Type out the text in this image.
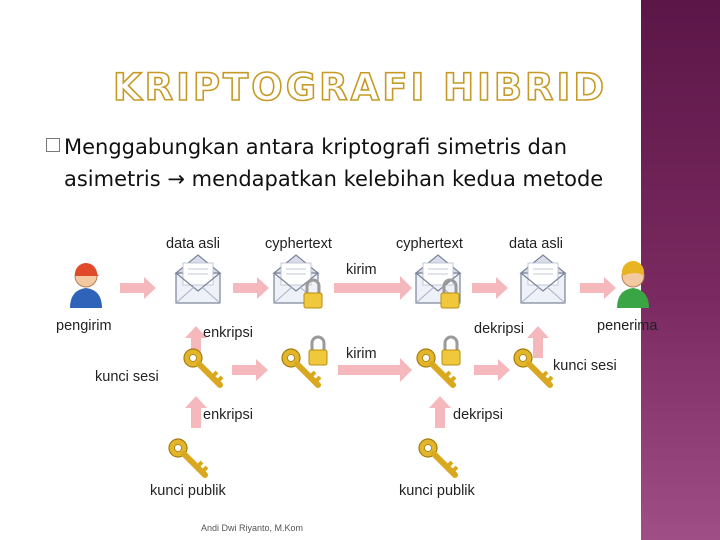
KRIPTOGRAFI HIBRID
Menggabungkan antara kriptografi simetris dan
asimetris → mendapatkan kelebihan kedua metode
data asli	cyphertext	cyphertext	data asli
kirim
pengirim	penerima
enkripsi	dekripsi
kirim
kunci sesi
kunci sesi
enkripsi	dekripsi
kunci publik	kunci publik
Andi Dwi Riyanto, M.Kom
